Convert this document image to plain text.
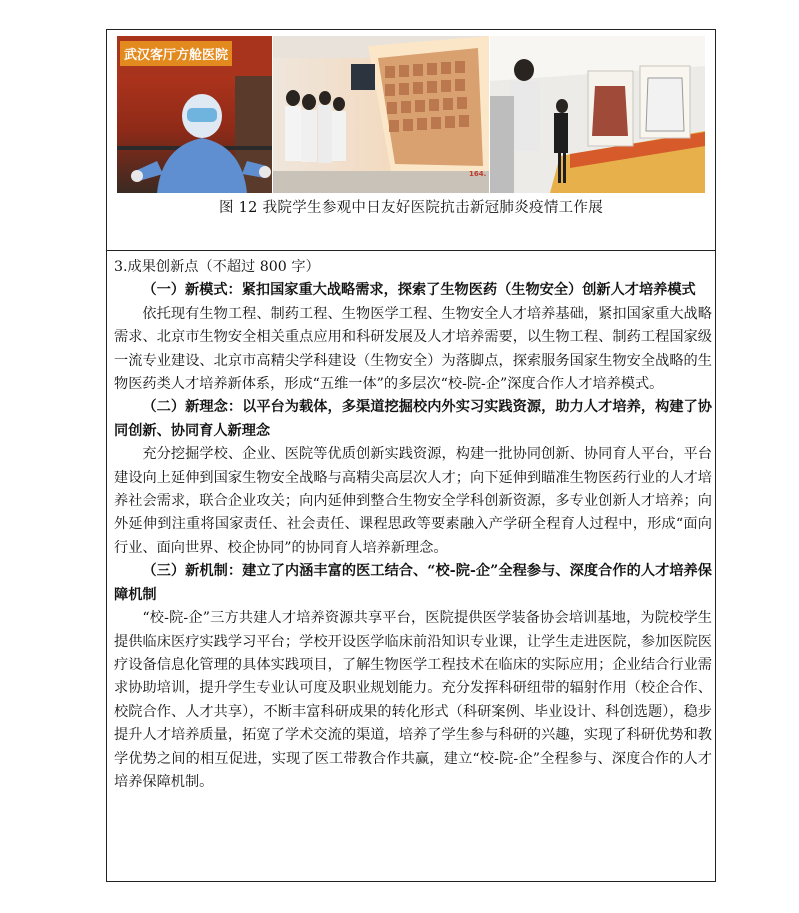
武汉客厅方舱医院
164.
图 12 我院学生参观中日友好医院抗击新冠肺炎疫情工作展

3.成果创新点（不超过 800 字）

（一）新模式：紧扣国家重大战略需求，探索了生物医药（生物安全）创新人才培养模式

依托现有生物工程、制药工程、生物医学工程、生物安全人才培养基础，紧扣国家重大战略需求、北京市生物安全相关重点应用和科研发展及人才培养需要，以生物工程、制药工程国家级一流专业建设、北京市高精尖学科建设（生物安全）为落脚点，探索服务国家生物安全战略的生物医药类人才培养新体系，形成“五维一体”的多层次“校-院-企”深度合作人才培养模式。

（二）新理念：以平台为载体，多渠道挖掘校内外实习实践资源，助力人才培养，构建了协同创新、协同育人新理念

充分挖掘学校、企业、医院等优质创新实践资源，构建一批协同创新、协同育人平台，平台建设向上延伸到国家生物安全战略与高精尖高层次人才；向下延伸到瞄准生物医药行业的人才培养社会需求，联合企业攻关；向内延伸到整合生物安全学科创新资源，多专业创新人才培养；向外延伸到注重将国家责任、社会责任、课程思政等要素融入产学研全程育人过程中，形成“面向行业、面向世界、校企协同”的协同育人培养新理念。

（三）新机制：建立了内涵丰富的医工结合、“校-院-企”全程参与、深度合作的人才培养保障机制

“校-院-企”三方共建人才培养资源共享平台，医院提供医学装备协会培训基地，为院校学生提供临床医疗实践学习平台；学校开设医学临床前沿知识专业课，让学生走进医院，参加医院医疗设备信息化管理的具体实践项目，了解生物医学工程技术在临床的实际应用；企业结合行业需求协助培训，提升学生专业认可度及职业规划能力。充分发挥科研纽带的辐射作用（校企合作、校院合作、人才共享），不断丰富科研成果的转化形式（科研案例、毕业设计、科创选题），稳步提升人才培养质量，拓宽了学术交流的渠道，培养了学生参与科研的兴趣，实现了科研优势和教学优势之间的相互促进，实现了医工带教合作共赢，建立“校-院-企”全程参与、深度合作的人才培养保障机制。
